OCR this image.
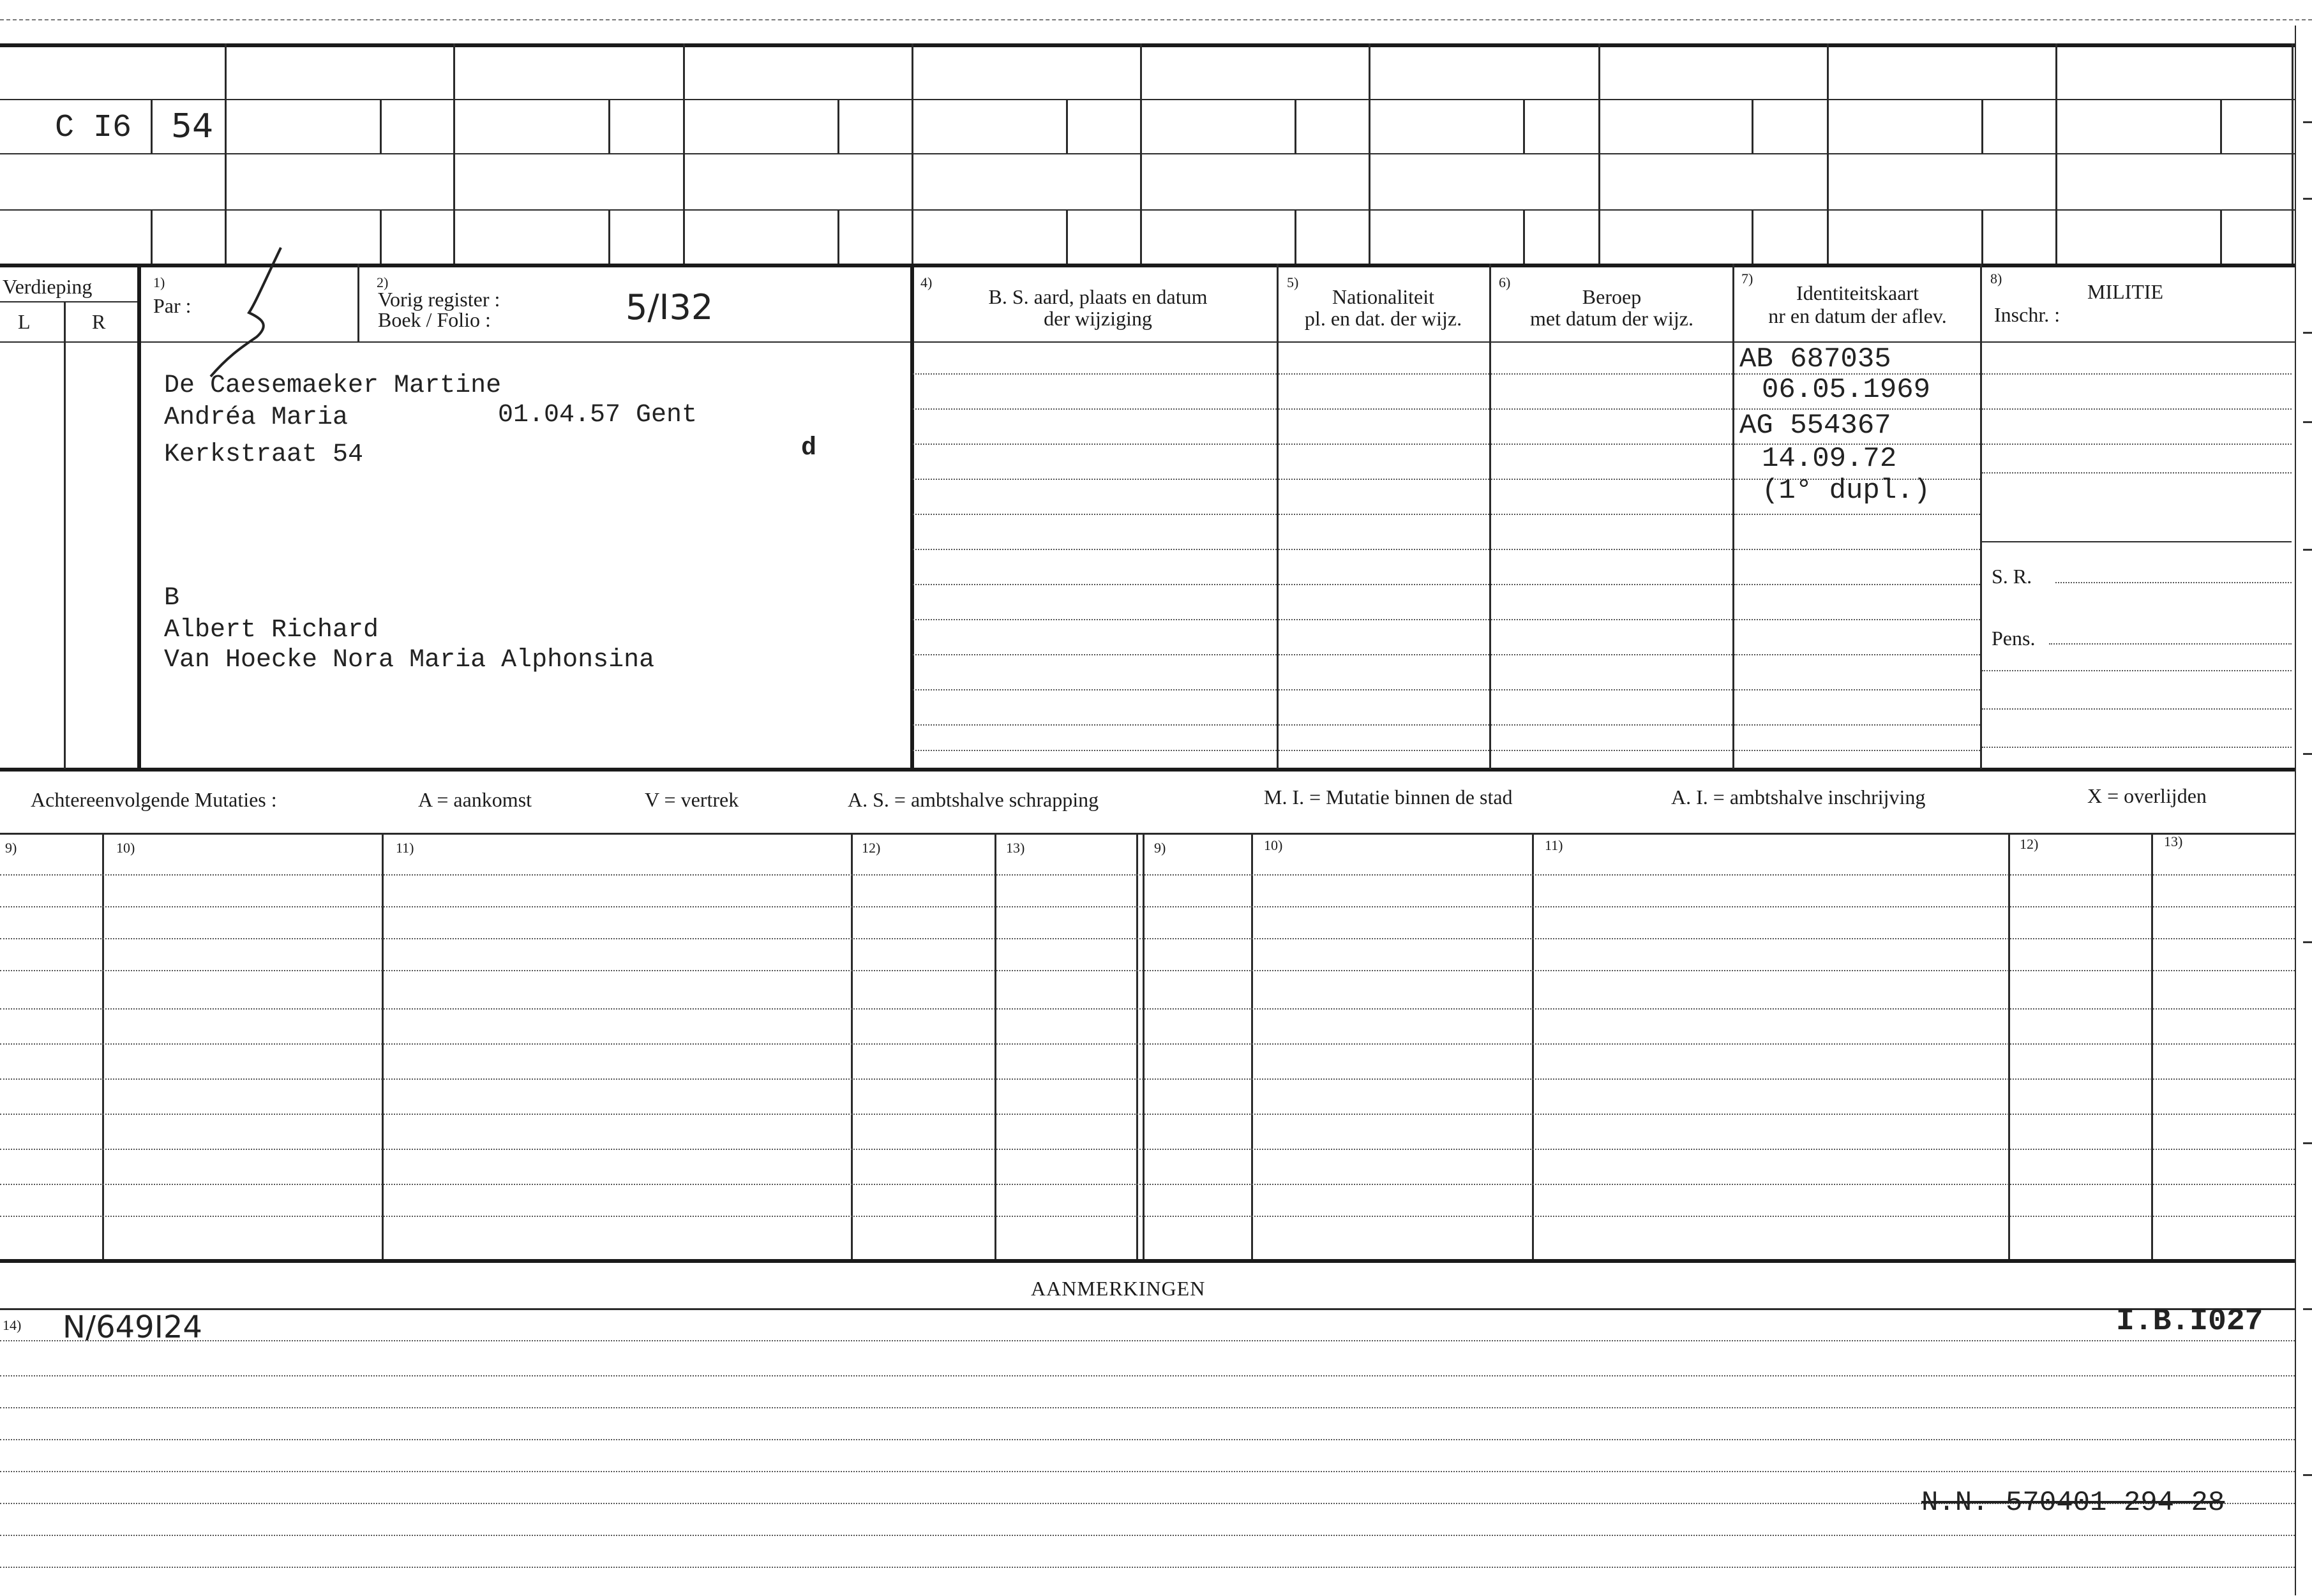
C I6 54
Verdieping
L	R
1)
Par :
2)
Vorig register :
Boek / Folio :	5/I32
4)
B. S. aard, plaats en datum
der wijziging
5)
Nationaliteit
pl. en dat. der wijz.
6)
Beroep
met datum der wijz.
7)
Identiteitskaart
nr en datum der aflev.
8)
MILITIE
Inschr. :
S. R.
Pens.
De Caesemaeker Martine
Andréa Maria	01.04.57 Gent
Kerkstraat 54	d
B
Albert Richard
Van Hoecke Nora Maria Alphonsina
AB 687035
06.05.1969
AG 554367
14.09.72
(1° dupl.)
Achtereenvolgende Mutaties :	A = aankomst	V = vertrek	A. S. = ambtshalve schrapping	M. I. = Mutatie binnen de stad	A. I. = ambtshalve inschrijving	X = overlijden
9)	10)	11)	12)	13)	9)	10)	11)	12)	13)
AANMERKINGEN
14) N/649I24	I.B.I027
N.N. 570401 294 28
